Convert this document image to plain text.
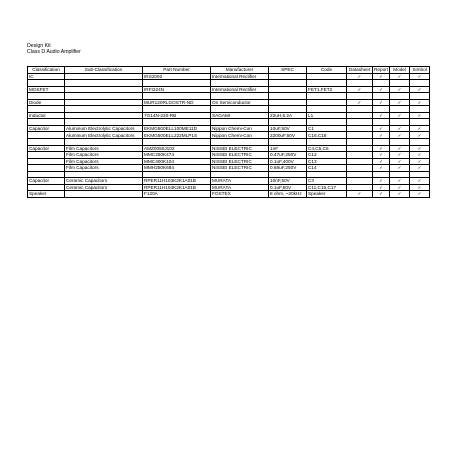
Design Kit
Class D Audio Amplifier
Classification	Sub-Classification	Part Number	Manufacturer	SPEC	Code	Datasheet	Report	Model	Simbol
IC		IRS2092	International Rectifier			✓	✓	✓	✓

MOSFET		IRFI224N	International Rectifier		FET1,FET2	✓	✓	✓	✓

Diode		MUR120RLGOSTR-ND	On Semiconductor			✓	✓	✓	✓

Inductor		7G14N-220-RB	SAGAMI	22uH,5.2A	L1		✓	✓	✓

Capacitor	Aluminum Electrolytic Capacitors	EKMG500ELL100ME11D	Nippon Chemi-Con	10uF,50V	C1		✓	✓	✓
	Aluminum Electrolytic Capacitors	EKMG500ELL222MLP1S	Nippon Chemi-Con	2200uF,50V	C16,C18		✓	✓	✓

Capacitor	Film Capacitors	AMZ0050J102	NISSEI ELECTRIC	1nF	C4,C5,C6		✓	✓	✓
	Film Capacitors	MMC250K474	NISSEI ELECTRIC	0.47uF,250V	C12		✓	✓	✓
	Film Capacitors	MMC400K104	NISSEI ELECTRIC	0.1uF,400V	C13		✓	✓	✓
	Film Capacitors	MMH250K684	NISSEI ELECTRIC	0.68uF,250V	C14		✓	✓	✓

Capacitor	Ceramic Capacitors	RPER11H103K2K1A01B	MURATA	10nF,50V	C3		✓	✓	✓
	Ceramic Capacitors	RPER11H104K2K1A01B	MURATA	0.1uF,50V	C11,C15,C17		✓	✓	✓
Speaker		F120A	FOSTEX	8 ohm, ~20kHz	Speaker	✓	✓	✓	✓
